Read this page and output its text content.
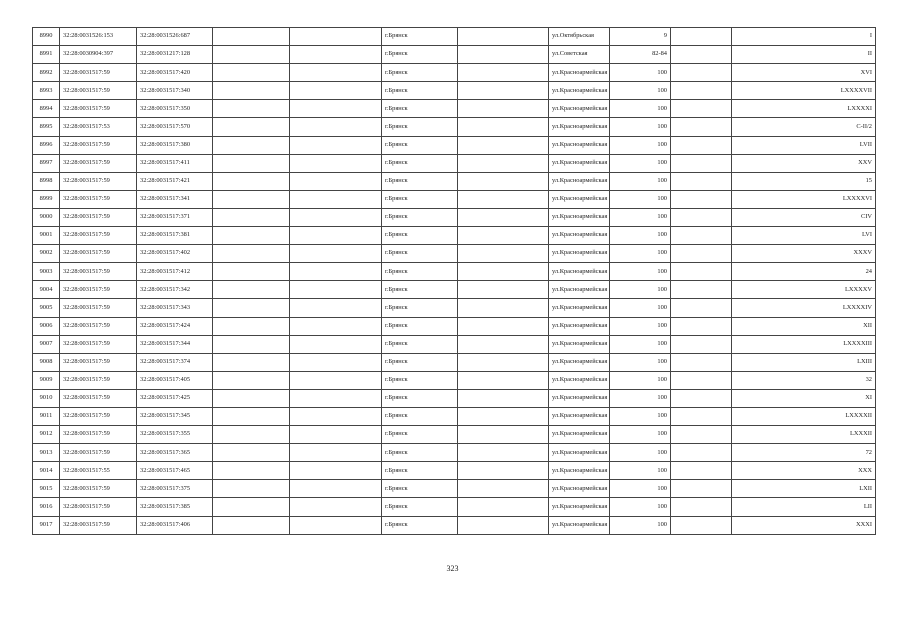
8990	32:28:0031526:153	32:28:0031526:687			г.Брянск		ул.Октябрьская	9		I
8991	32:28:0030904:397	32:28:0031217:128			г.Брянск		ул.Советская	82-84		II
8992	32:28:0031517:59	32:28:0031517:420			г.Брянск		ул.Красноармейская	100		XVI
8993	32:28:0031517:59	32:28:0031517:340			г.Брянск		ул.Красноармейская	100		LXXXXVII
8994	32:28:0031517:59	32:28:0031517:350			г.Брянск		ул.Красноармейская	100		LXXXXI
8995	32:28:0031517:53	32:28:0031517:570			г.Брянск		ул.Красноармейская	100		C-II/2
8996	32:28:0031517:59	32:28:0031517:380			г.Брянск		ул.Красноармейская	100		LVII
8997	32:28:0031517:59	32:28:0031517:411			г.Брянск		ул.Красноармейская	100		XXV
8998	32:28:0031517:59	32:28:0031517:421			г.Брянск		ул.Красноармейская	100		15
8999	32:28:0031517:59	32:28:0031517:341			г.Брянск		ул.Красноармейская	100		LXXXXVI
9000	32:28:0031517:59	32:28:0031517:371			г.Брянск		ул.Красноармейская	100		CIV
9001	32:28:0031517:59	32:28:0031517:381			г.Брянск		ул.Красноармейская	100		LVI
9002	32:28:0031517:59	32:28:0031517:402			г.Брянск		ул.Красноармейская	100		XXXV
9003	32:28:0031517:59	32:28:0031517:412			г.Брянск		ул.Красноармейская	100		24
9004	32:28:0031517:59	32:28:0031517:342			г.Брянск		ул.Красноармейская	100		LXXXXV
9005	32:28:0031517:59	32:28:0031517:343			г.Брянск		ул.Красноармейская	100		LXXXXIV
9006	32:28:0031517:59	32:28:0031517:424			г.Брянск		ул.Красноармейская	100		XII
9007	32:28:0031517:59	32:28:0031517:344			г.Брянск		ул.Красноармейская	100		LXXXXIII
9008	32:28:0031517:59	32:28:0031517:374			г.Брянск		ул.Красноармейская	100		LXIII
9009	32:28:0031517:59	32:28:0031517:405			г.Брянск		ул.Красноармейская	100		32
9010	32:28:0031517:59	32:28:0031517:425			г.Брянск		ул.Красноармейская	100		XI
9011	32:28:0031517:59	32:28:0031517:345			г.Брянск		ул.Красноармейская	100		LXXXXII
9012	32:28:0031517:59	32:28:0031517:355			г.Брянск		ул.Красноармейская	100		LXXXII
9013	32:28:0031517:59	32:28:0031517:365			г.Брянск		ул.Красноармейская	100		72
9014	32:28:0031517:55	32:28:0031517:465			г.Брянск		ул.Красноармейская	100		XXX
9015	32:28:0031517:59	32:28:0031517:375			г.Брянск		ул.Красноармейская	100		LXII
9016	32:28:0031517:59	32:28:0031517:385			г.Брянск		ул.Красноармейская	100		LII
9017	32:28:0031517:59	32:28:0031517:406			г.Брянск		ул.Красноармейская	100		XXXI
323
